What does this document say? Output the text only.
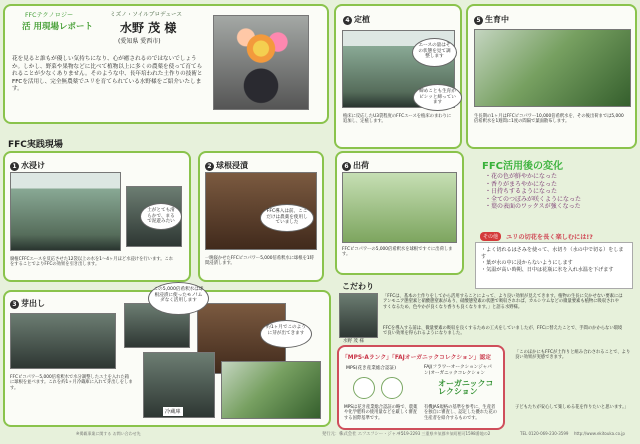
FFCテクノロジー
活 用現場レポート
ミズノ・ソイルプロデュース
水野 茂 様
(愛知県 愛西市)
花を見ると誰もが優しい気持ちになり、心が癒されるのではないでしょうか。しかし、野菜や果物などに比べて植物以上に多くの農薬を使って育てられることが少なくありません。そのような中、長年培われた土作りの技術とFFCを活用し、完全無農薬でユリを育てられている水野様をご紹介いたします。
4 定植
エースの量はその状態を見て調整します
植床に反応したU3袋程度のFFCエースを植床のまわりに追加し、定植します。
5 生育中
締めことも生育がピシッと締っています
生長期の1ヶ月はFFCピコパワー10,000倍希釈水を、その後出荷までは5,000倍希釈水を1週間に1度の間隔で葉面散布します。
FFC実践現場
1 水浸け
土がとても滑らかで、まるで泥遊みたい
腐植CFFCエースを反応させた12袋以上の水を1～4ヶ月ほど水浸けを行います。これをすることでよりFFCの効果を引き出します。
2 球根浸漬
FFC導入は前、ここだけは農薬を使用していました
一晩寝かせたFFCピコパワー5,000倍希釈水に球根を1時間浸漬します。
6 出荷
FFCピコパワーの5,000倍希釈水を球根ですぐに出荷します。
FFC活用後の変化
・花の色が鮮やかになった
・香りがまろやかになった
・日持ちするようになった
・全てのつぼみが咲くようになった
・葉の表面のワックスが強くなった
その他	ユリの切花を長く楽しむには!?
・よく切れるはさみを使って、水切り（水の中で切る）をします
・葉が水の中に浸からないようにします
・気温が高い時期、日中は花瓶に氷を入れ水温を下げます
3 芽出し
この5,000倍希釈水は球根浸漬に使ったモノ!ムダなく活用します
約1ヶ月でこのように芽が出てきます
冷蔵庫
FFCピコパワー5,000倍希釈水で水分調整したエ土を入れた箱に球根を並べます。これを約1ヶ月冷蔵庫に入れて芽出しをします。
こだわり
水野 茂 様
「FFCは、基本の土作りをしてから活用することによって、より良い効果が見えてきます。植物の生長に欠かせない要素にはアンモニア態窒素と硝酸態窒素があり、硝酸態窒素の状態で吸収されれば、カルシウムなどの微量要素も植物に吸収されやすくなるため、色やかが良くなり香りも良くなります。」と語る水野様。
FFCを導入する前は、微量要素の吸収を良くするための工夫をしていましたが、FFCに替えたことで、手間のかからない環境で良い効果を得られるようになりました。
「MPS-Aランク」「FAJオーガニックコレクション」認定
MPS(花き産業総合認証)	FAJ(フラワーオークションジャパン)オーガニックコレクション
オーガニックコレクション
MPSは花き産業総合認証の略で、農薬や化学肥料の使用量などを厳しく審査する国際基準です。
有機JAS規格の基準を参考に、生産者を独自に審査し、認定した優れた花の生産者を紹介するものです。
「このほかにもFFCが土作りと組み合わされることで、より良い効果が実感できます。
子どもたちが安心して楽しめる花を作りたいと思います。」
※掲載事業に関する お問い合わせ先	発行元：株式会社 エフエフシー・ジャパン
〒519-2293 三重県多気郡多気町相可1598番地の2	TEL 0120-069-230-3599 http://www.ekitouka.co.jp
